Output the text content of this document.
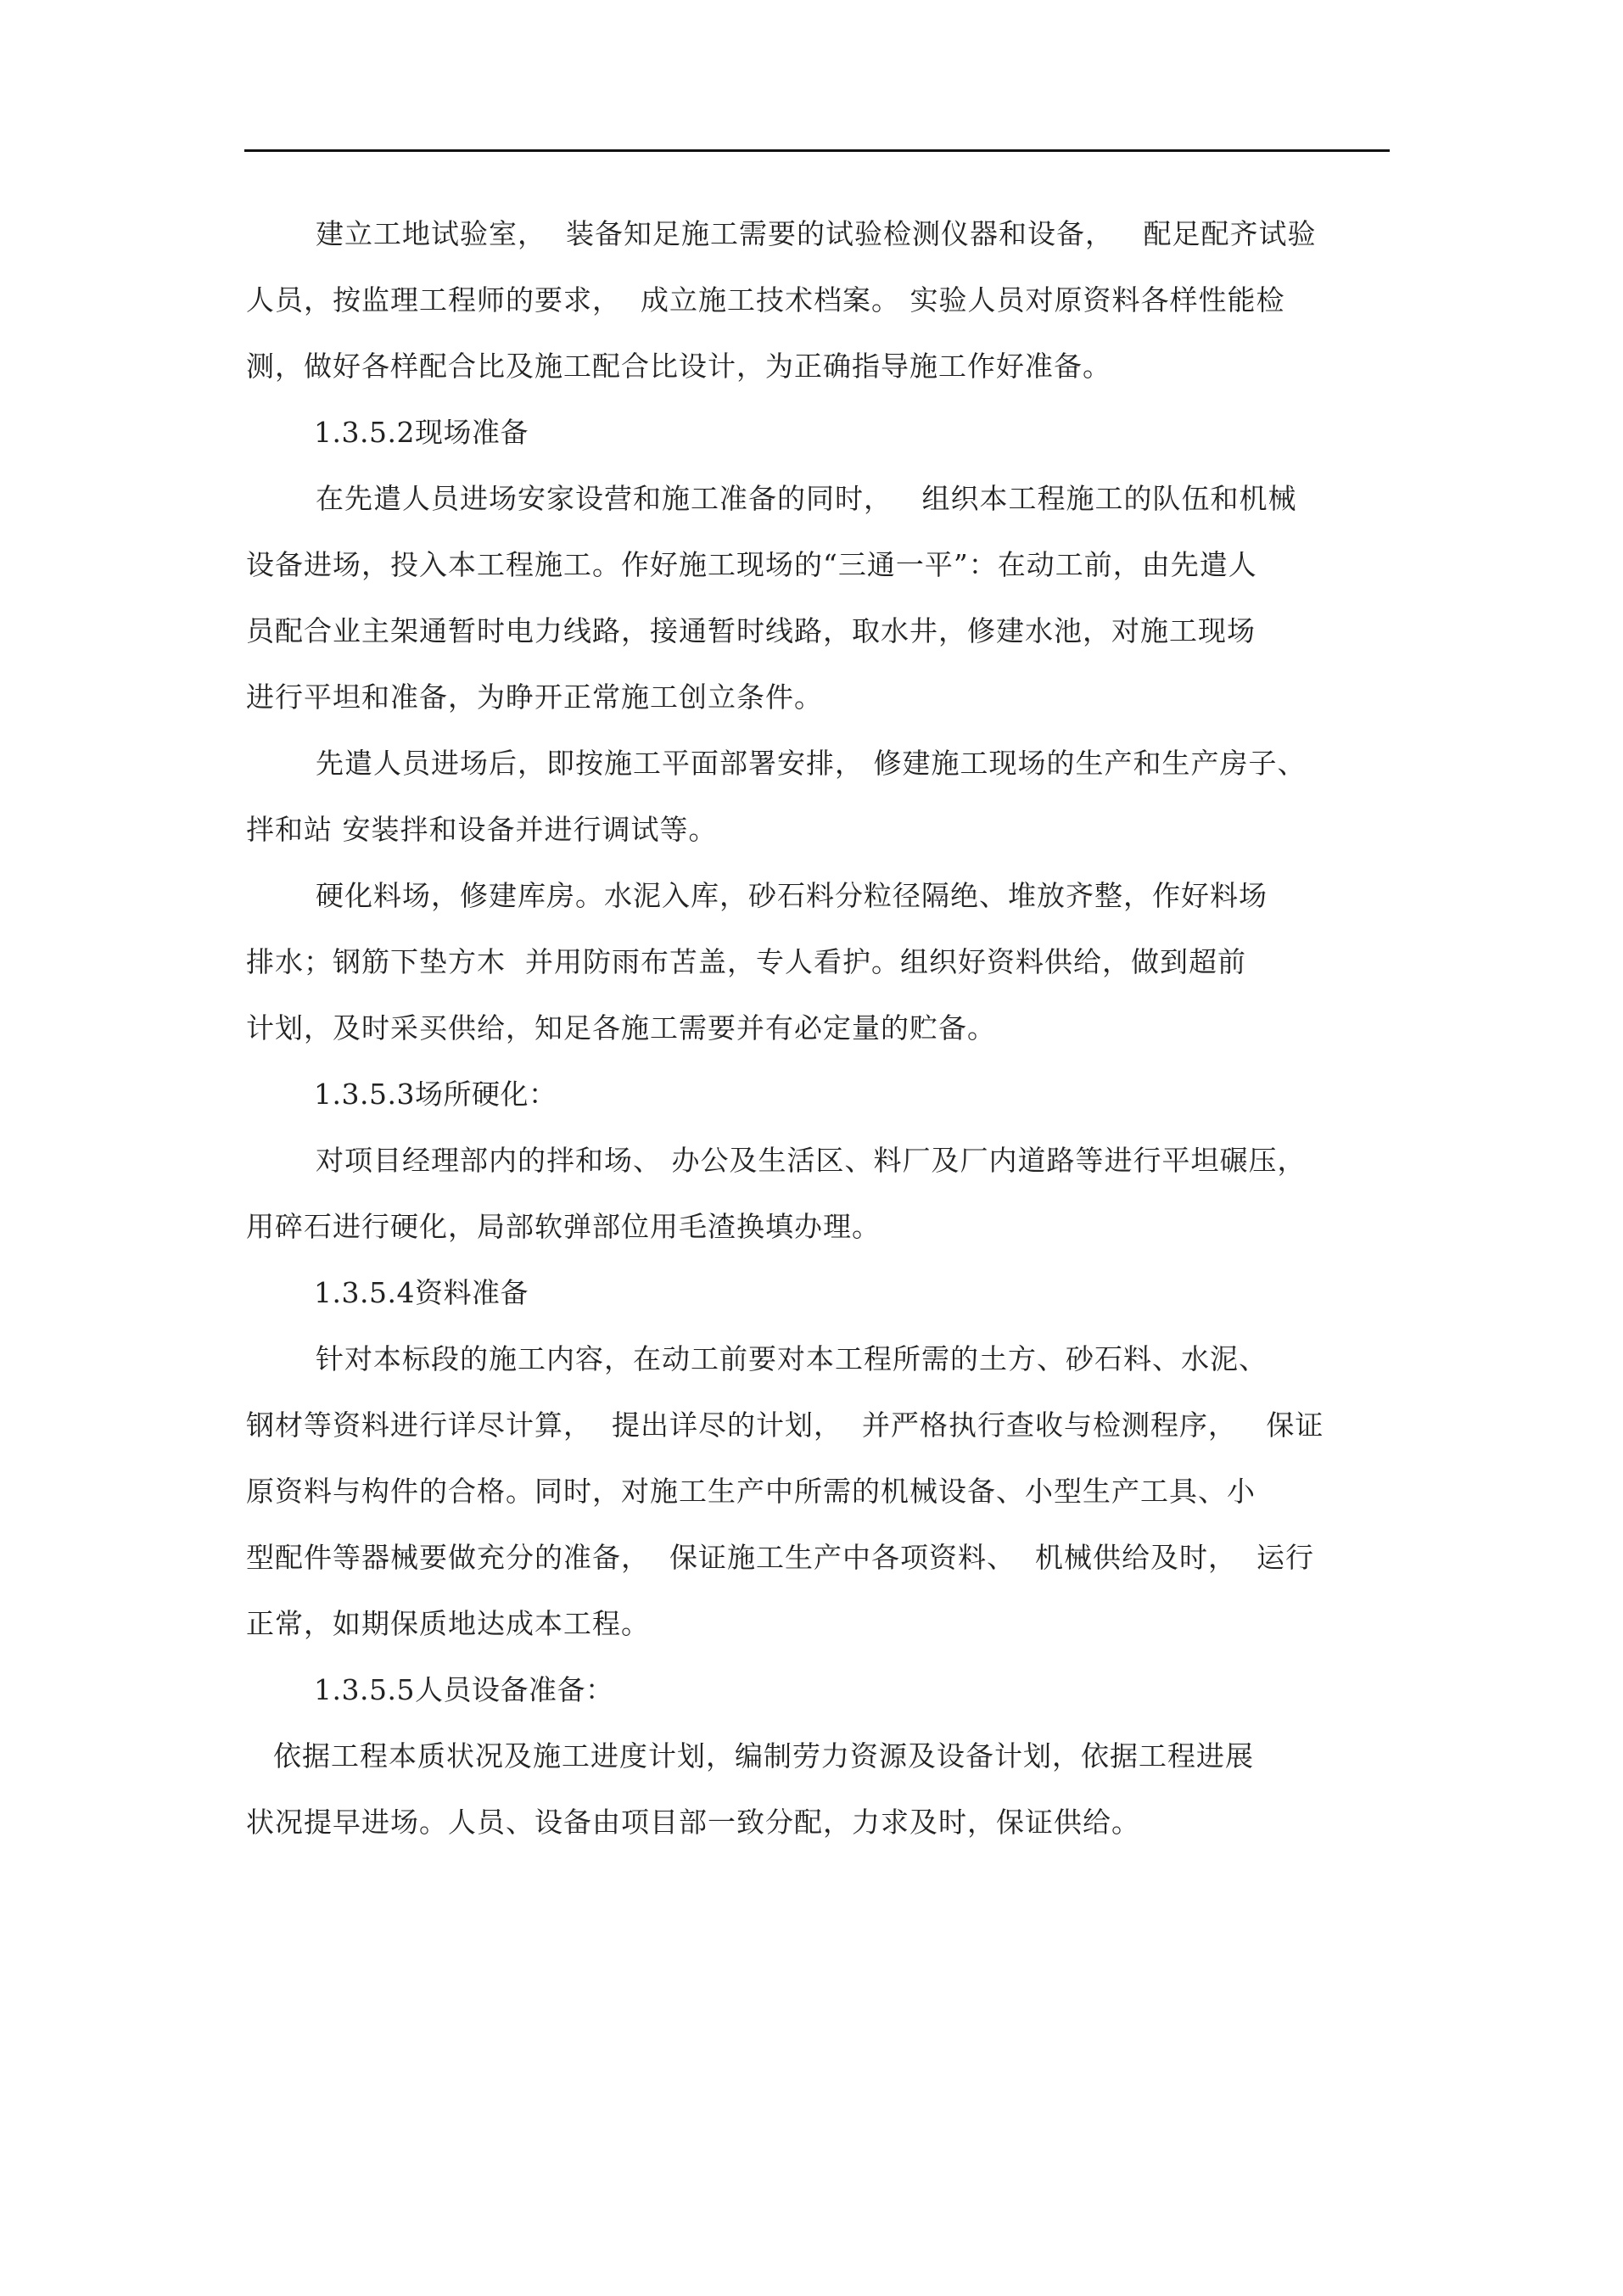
建立工地试验室，  装备知足施工需要的试验检测仪器和设备，   配足配齐试验
人员，按监理工程师的要求，  成立施工技术档案。 实验人员对原资料各样性能检
测，做好各样配合比及施工配合比设计，为正确指导施工作好准备。
1.3.5.2现场准备
在先遣人员进场安家设营和施工准备的同时，   组织本工程施工的队伍和机械
设备进场，投入本工程施工。作好施工现场的“三通一平”：在动工前，由先遣人
员配合业主架通暂时电力线路，接通暂时线路，取水井，修建水池，对施工现场
进行平坦和准备，为睁开正常施工创立条件。
先遣人员进场后，即按施工平面部署安排， 修建施工现场的生产和生产房子、
拌和站 安装拌和设备并进行调试等。
硬化料场，修建库房。水泥入库，砂石料分粒径隔绝、堆放齐整，作好料场
排水；钢筋下垫方木  并用防雨布苫盖，专人看护。组织好资料供给，做到超前
计划，及时采买供给，知足各施工需要并有必定量的贮备。
1.3.5.3场所硬化：
对项目经理部内的拌和场、 办公及生活区、料厂及厂内道路等进行平坦碾压，
用碎石进行硬化，局部软弹部位用毛渣换填办理。
1.3.5.4资料准备
针对本标段的施工内容，在动工前要对本工程所需的土方、砂石料、水泥、
钢材等资料进行详尽计算，  提出详尽的计划，  并严格执行查收与检测程序，   保证
原资料与构件的合格。同时，对施工生产中所需的机械设备、小型生产工具、小
型配件等器械要做充分的准备，  保证施工生产中各项资料、  机械供给及时，  运行
正常，如期保质地达成本工程。
1.3.5.5人员设备准备：
依据工程本质状况及施工进度计划，编制劳力资源及设备计划，依据工程进展
状况提早进场。人员、设备由项目部一致分配，力求及时，保证供给。
